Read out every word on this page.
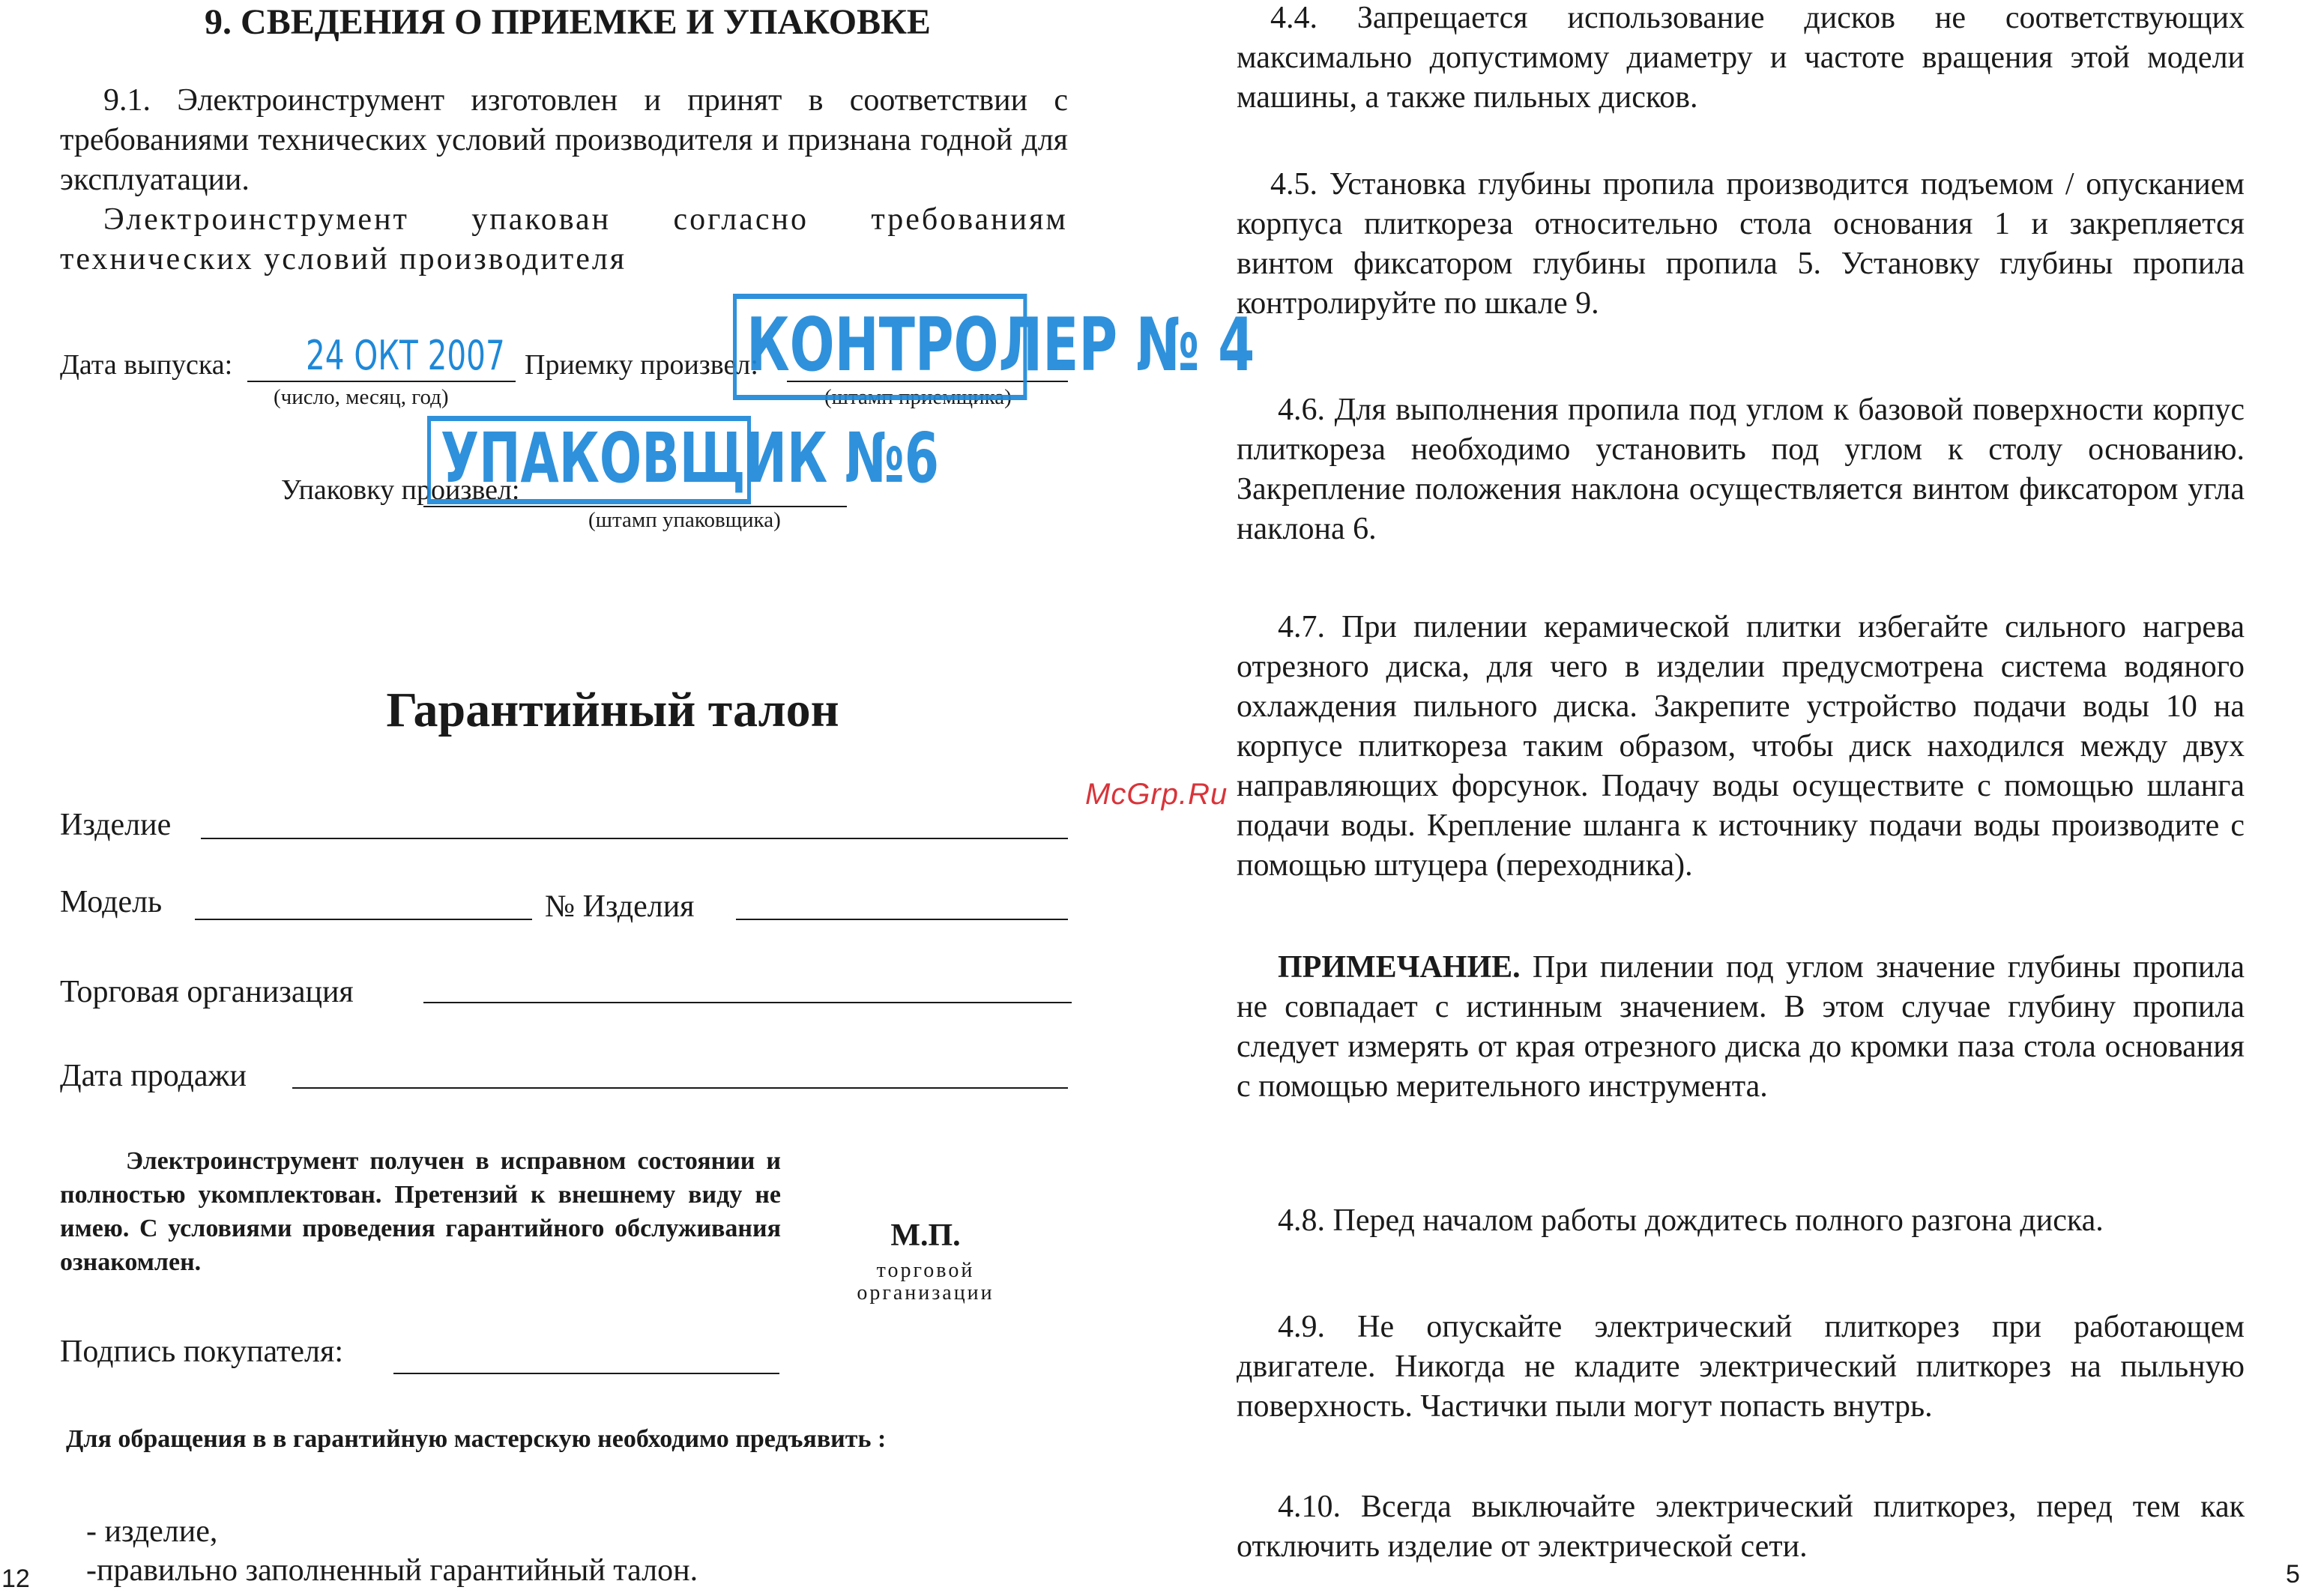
9. СВЕДЕНИЯ О ПРИЕМКЕ И УПАКОВКЕ

9.1. Электроинструмент изготовлен и принят в соответствии с требованиями технических условий производителя и признана годной для эксплуатации.

Электроинструмент упакован согласно требованиям технических условий производителя

Дата выпуска: 24 ОКТ 2007
(число, месяц, год)
Приемку произвел:
(штамп приемщика)
КОНТРОЛЕР № 4
Упаковку произвел:
(штамп упаковщика)
УПАКОВЩИК №6
Гарантийный талон
Изделие
Модель	№ Изделия
Торговая организация
Дата продажи

Электроинструмент получен в исправном состоянии и полностью укомплектован. Претензий к внешнему виду не имею. С условиями проведения гарантийного обслуживания ознакомлен.

М.П.
торговой
организации
Подпись покупателя:
Для обращения в в гарантийную мастерскую необходимо предъявить :
- изделие,
-правильно заполненный гарантийный талон.
12
McGrp.Ru

4.4. Запрещается использование дисков не соответствующих максимально допустимому диаметру и частоте вращения этой модели машины, а также пильных дисков.

4.5. Установка глубины пропила производится подъемом / опусканием корпуса плиткореза относительно стола основания 1 и закрепляется винтом фиксатором глубины пропила 5. Установку глубины пропила контролируйте по шкале 9.

4.6. Для выполнения пропила под углом к базовой поверхности корпус плиткореза необходимо установить под углом к столу основанию. Закрепление положения наклона осуществляется винтом фиксатором угла наклона 6.

4.7. При пилении керамической плитки избегайте сильного нагрева отрезного диска, для чего в изделии предусмотрена система водяного охлаждения пильного диска. Закрепите устройство подачи воды 10 на корпусе плиткореза таким образом, чтобы диск находился между двух направляющих форсунок. Подачу воды осуществите с помощью шланга подачи воды. Крепление шланга к источнику подачи воды производите с помощью штуцера (переходника).

ПРИМЕЧАНИЕ. При пилении под углом значение глубины пропила не совпадает с истинным значением. В этом случае глубину пропила следует измерять от края отрезного диска до кромки паза стола основания с помощью мерительного инструмента.

4.8. Перед началом работы дождитесь полного разгона диска.

4.9. Не опускайте электрический плиткорез при работающем двигателе. Никогда не кладите электрический плиткорез на пыльную поверхность. Частички пыли могут попасть внутрь.

4.10. Всегда выключайте электрический плиткорез, перед тем как отключить изделие от электрической сети.

5
